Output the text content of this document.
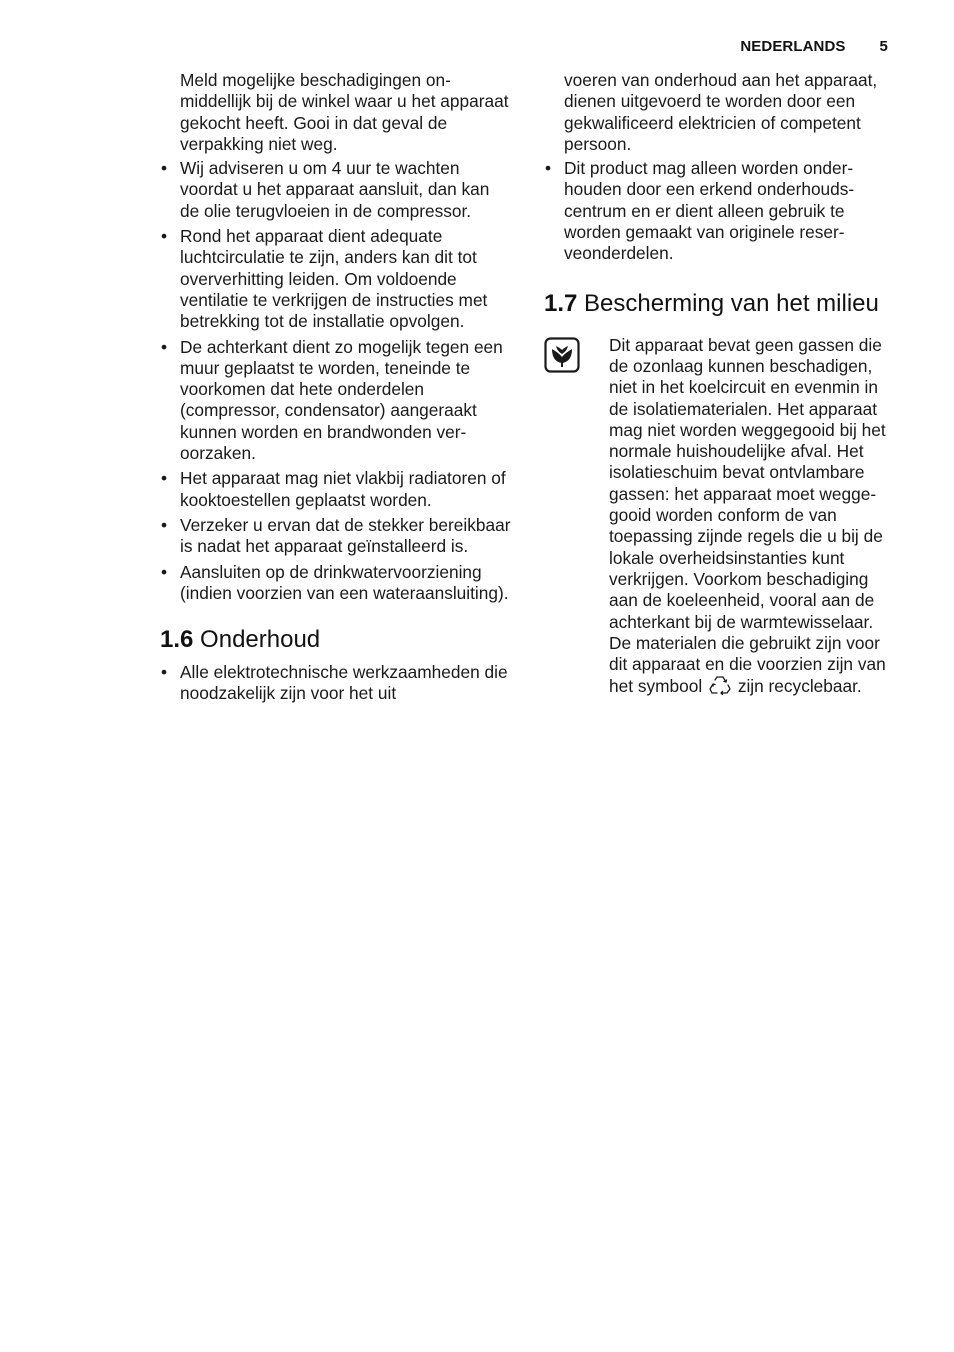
NEDERLANDS 5
Meld mogelijke beschadigingen onmiddellijk bij de winkel waar u het apparaat gekocht heeft. Gooi in dat geval de verpakking niet weg.
• Wij adviseren u om 4 uur te wachten voordat u het apparaat aansluit, dan kan de olie terugvloeien in de compressor.
• Rond het apparaat dient adequate luchtcirculatie te zijn, anders kan dit tot oververhitting leiden. Om voldoende ventilatie te verkrijgen de instructies met betrekking tot de installatie opvolgen.
• De achterkant dient zo mogelijk tegen een muur geplaatst te worden, teneinde te voorkomen dat hete onderdelen (compressor, condensator) aangeraakt kunnen worden en brandwonden veroorzaken.
• Het apparaat mag niet vlakbij radiatoren of kooktoestellen geplaatst worden.
• Verzeker u ervan dat de stekker bereikbaar is nadat het apparaat geïnstalleerd is.
• Aansluiten op de drinkwatervoorziening (indien voorzien van een wateraansluiting).
1.6 Onderhoud
• Alle elektrotechnische werkzaamheden die noodzakelijk zijn voor het uit
voeren van onderhoud aan het apparaat, dienen uitgevoerd te worden door een gekwalificeerd elektricien of competent persoon.
• Dit product mag alleen worden onderhouden door een erkend onderhoudscentrum en er dient alleen gebruik te worden gemaakt van originele reserveonderdelen.
1.7 Bescherming van het milieu
Dit apparaat bevat geen gassen die de ozonlaag kunnen beschadigen, niet in het koelcircuit en evenmin in de isolatiematerialen. Het apparaat mag niet worden weggegooid bij het normale huishoudelijke afval. Het isolatieschuim bevat ontvlambare gassen: het apparaat moet weggegooid worden conform de van toepassing zijnde regels die u bij de lokale overheidsinstanties kunt verkrijgen. Voorkom beschadiging aan de koeleenheid, vooral aan de achterkant bij de warmtewisselaar. De materialen die gebruikt zijn voor dit apparaat en die voorzien zijn van het symbool zijn recyclebaar.
